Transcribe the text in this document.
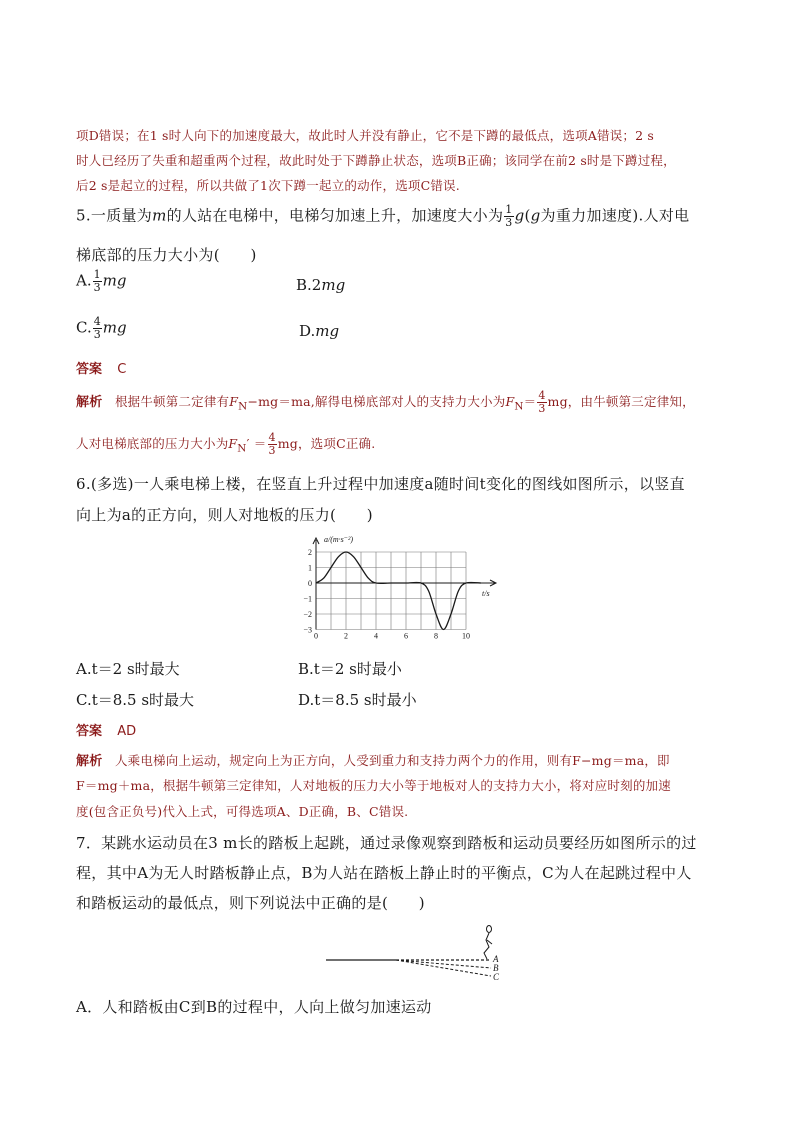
项D错误；在1 s时人向下的加速度最大，故此时人并没有静止，它不是下蹲的最低点，选项A错误；2 s
时人已经历了失重和超重两个过程，故此时处于下蹲静止状态，选项B正确；该同学在前2 s时是下蹲过程，
后2 s是起立的过程，所以共做了1次下蹲一起立的动作，选项C错误.
5.一质量为m的人站在电梯中，电梯匀加速上升，加速度大小为 $\frac{1}{3} g(g$为重力加速度).人对电
梯底部的压力大小为(　　)
A. $\frac{1}{3}$ mg	B.2mg
C. $\frac{4}{3}$ mg	D.mg
答案 C
解析 根据牛顿第二定律有$F_N-mg=ma$,解得电梯底部对人的支持力大小为$F_N= \frac{4}{3}$ mg，由牛顿第三定律知，
人对电梯底部的压力大小为$F_N' = \frac{4}{3}$ mg，选项C正确.
6.(多选)一人乘电梯上楼，在竖直上升过程中加速度a随时间t变化的图线如图所示，以竖直
向上为a的正方向，则人对地板的压力(　　)
0	2	4	6	8	10
2
1
0
−1
−2
−3
a/(m·s⁻²)
t/s
A.t＝2 s时最大	B.t＝2 s时最小
C.t＝8.5 s时最大	D.t＝8.5 s时最小
答案 AD
解析 人乘电梯向上运动，规定向上为正方向，人受到重力和支持力两个力的作用，则有F−mg＝ma，即
F＝mg＋ma，根据牛顿第三定律知，人对地板的压力大小等于地板对人的支持力大小，将对应时刻的加速
度(包含正负号)代入上式，可得选项A、D正确，B、C错误.
7．某跳水运动员在3 m长的踏板上起跳，通过录像观察到踏板和运动员要经历如图所示的过
程，其中A为无人时踏板静止点，B为人站在踏板上静止时的平衡点，C为人在起跳过程中人
和踏板运动的最低点，则下列说法中正确的是(　　)
A
B
C
A．人和踏板由C到B的过程中，人向上做匀加速运动
